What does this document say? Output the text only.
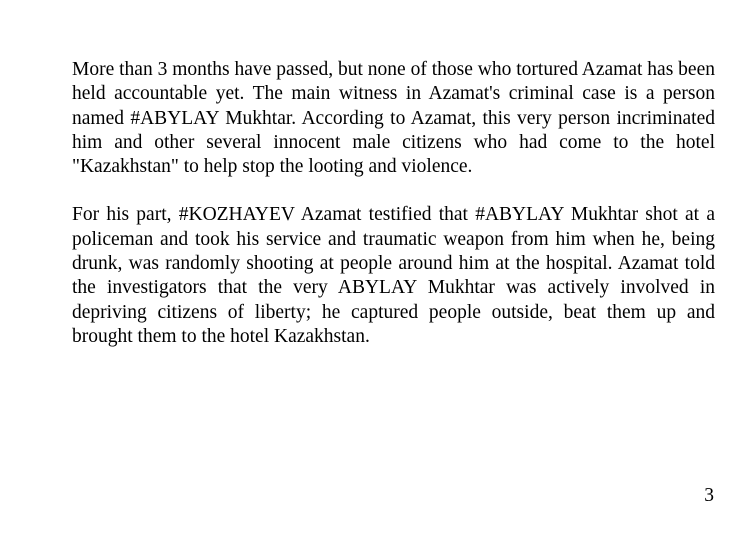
More than 3 months have passed, but none of those who tortured Azamat has been held accountable yet. The main witness in Azamat's criminal case is a person named #ABYLAY Mukhtar. According to Azamat, this very person incriminated him and other several innocent male citizens who had come to the hotel "Kazakhstan" to help stop the looting and violence.

For his part, #KOZHAYEV Azamat testified that #ABYLAY Mukhtar shot at a policeman and took his service and traumatic weapon from him when he, being drunk, was randomly shooting at people around him at the hospital. Azamat told the investigators that the very ABYLAY Mukhtar was actively involved in depriving citizens of liberty; he captured people outside, beat them up and brought them to the hotel Kazakhstan.

3
